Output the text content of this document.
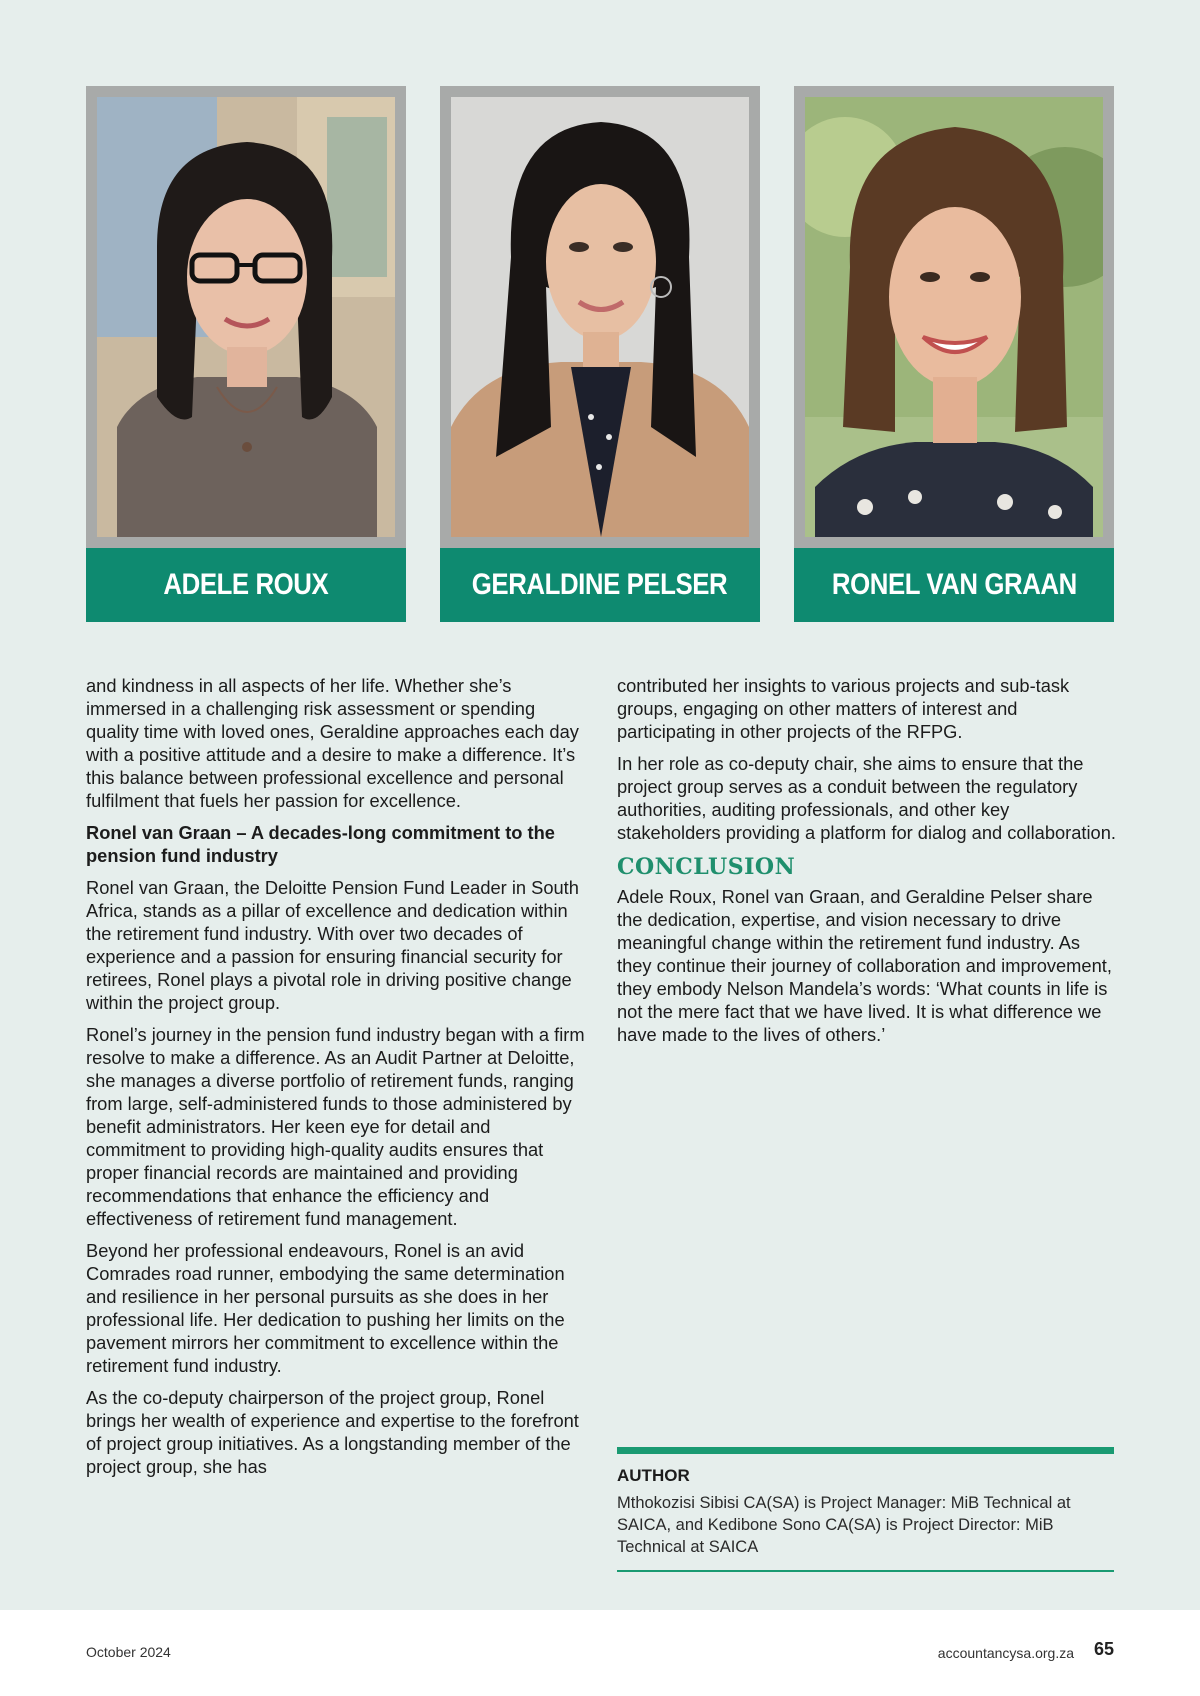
ADELE ROUX	GERALDINE PELSER	RONEL VAN GRAAN

and kindness in all aspects of her life. Whether she’s immersed in a challenging risk assessment or spending quality time with loved ones, Geraldine approaches each day with a positive attitude and a desire to make a difference. It’s this balance between professional excellence and personal fulfilment that fuels her passion for excellence.

Ronel van Graan – A decades-long commitment to the pension fund industry

Ronel van Graan, the Deloitte Pension Fund Leader in South Africa, stands as a pillar of excellence and dedication within the retirement fund industry. With over two decades of experience and a passion for ensuring financial security for retirees, Ronel plays a pivotal role in driving positive change within the project group.

Ronel’s journey in the pension fund industry began with a firm resolve to make a difference. As an Audit Partner at Deloitte, she manages a diverse portfolio of retirement funds, ranging from large, self-administered funds to those administered by benefit administrators. Her keen eye for detail and commitment to providing high-quality audits ensures that proper financial records are maintained and providing recommendations that enhance the efficiency and effectiveness of retirement fund management.

Beyond her professional endeavours, Ronel is an avid Comrades road runner, embodying the same determination and resilience in her personal pursuits as she does in her professional life. Her dedication to pushing her limits on the pavement mirrors her commitment to excellence within the retirement fund industry.

As the co-deputy chairperson of the project group, Ronel brings her wealth of experience and expertise to the forefront of project group initiatives. As a longstanding member of the project group, she has

contributed her insights to various projects and sub-task groups, engaging on other matters of interest and participating in other projects of the RFPG.

In her role as co-deputy chair, she aims to ensure that the project group serves as a conduit between the regulatory authorities, auditing professionals, and other key stakeholders providing a platform for dialog and collaboration.

CONCLUSION

Adele Roux, Ronel van Graan, and Geraldine Pelser share the dedication, expertise, and vision necessary to drive meaningful change within the retirement fund industry. As they continue their journey of collaboration and improvement, they embody Nelson Mandela’s words: ‘What counts in life is not the mere fact that we have lived. It is what difference we have made to the lives of others.’

AUTHOR

Mthokozisi Sibisi CA(SA) is Project Manager: MiB Technical at SAICA, and Kedibone Sono CA(SA) is Project Director: MiB Technical at SAICA

October 2024	accountancysa.org.za 65
